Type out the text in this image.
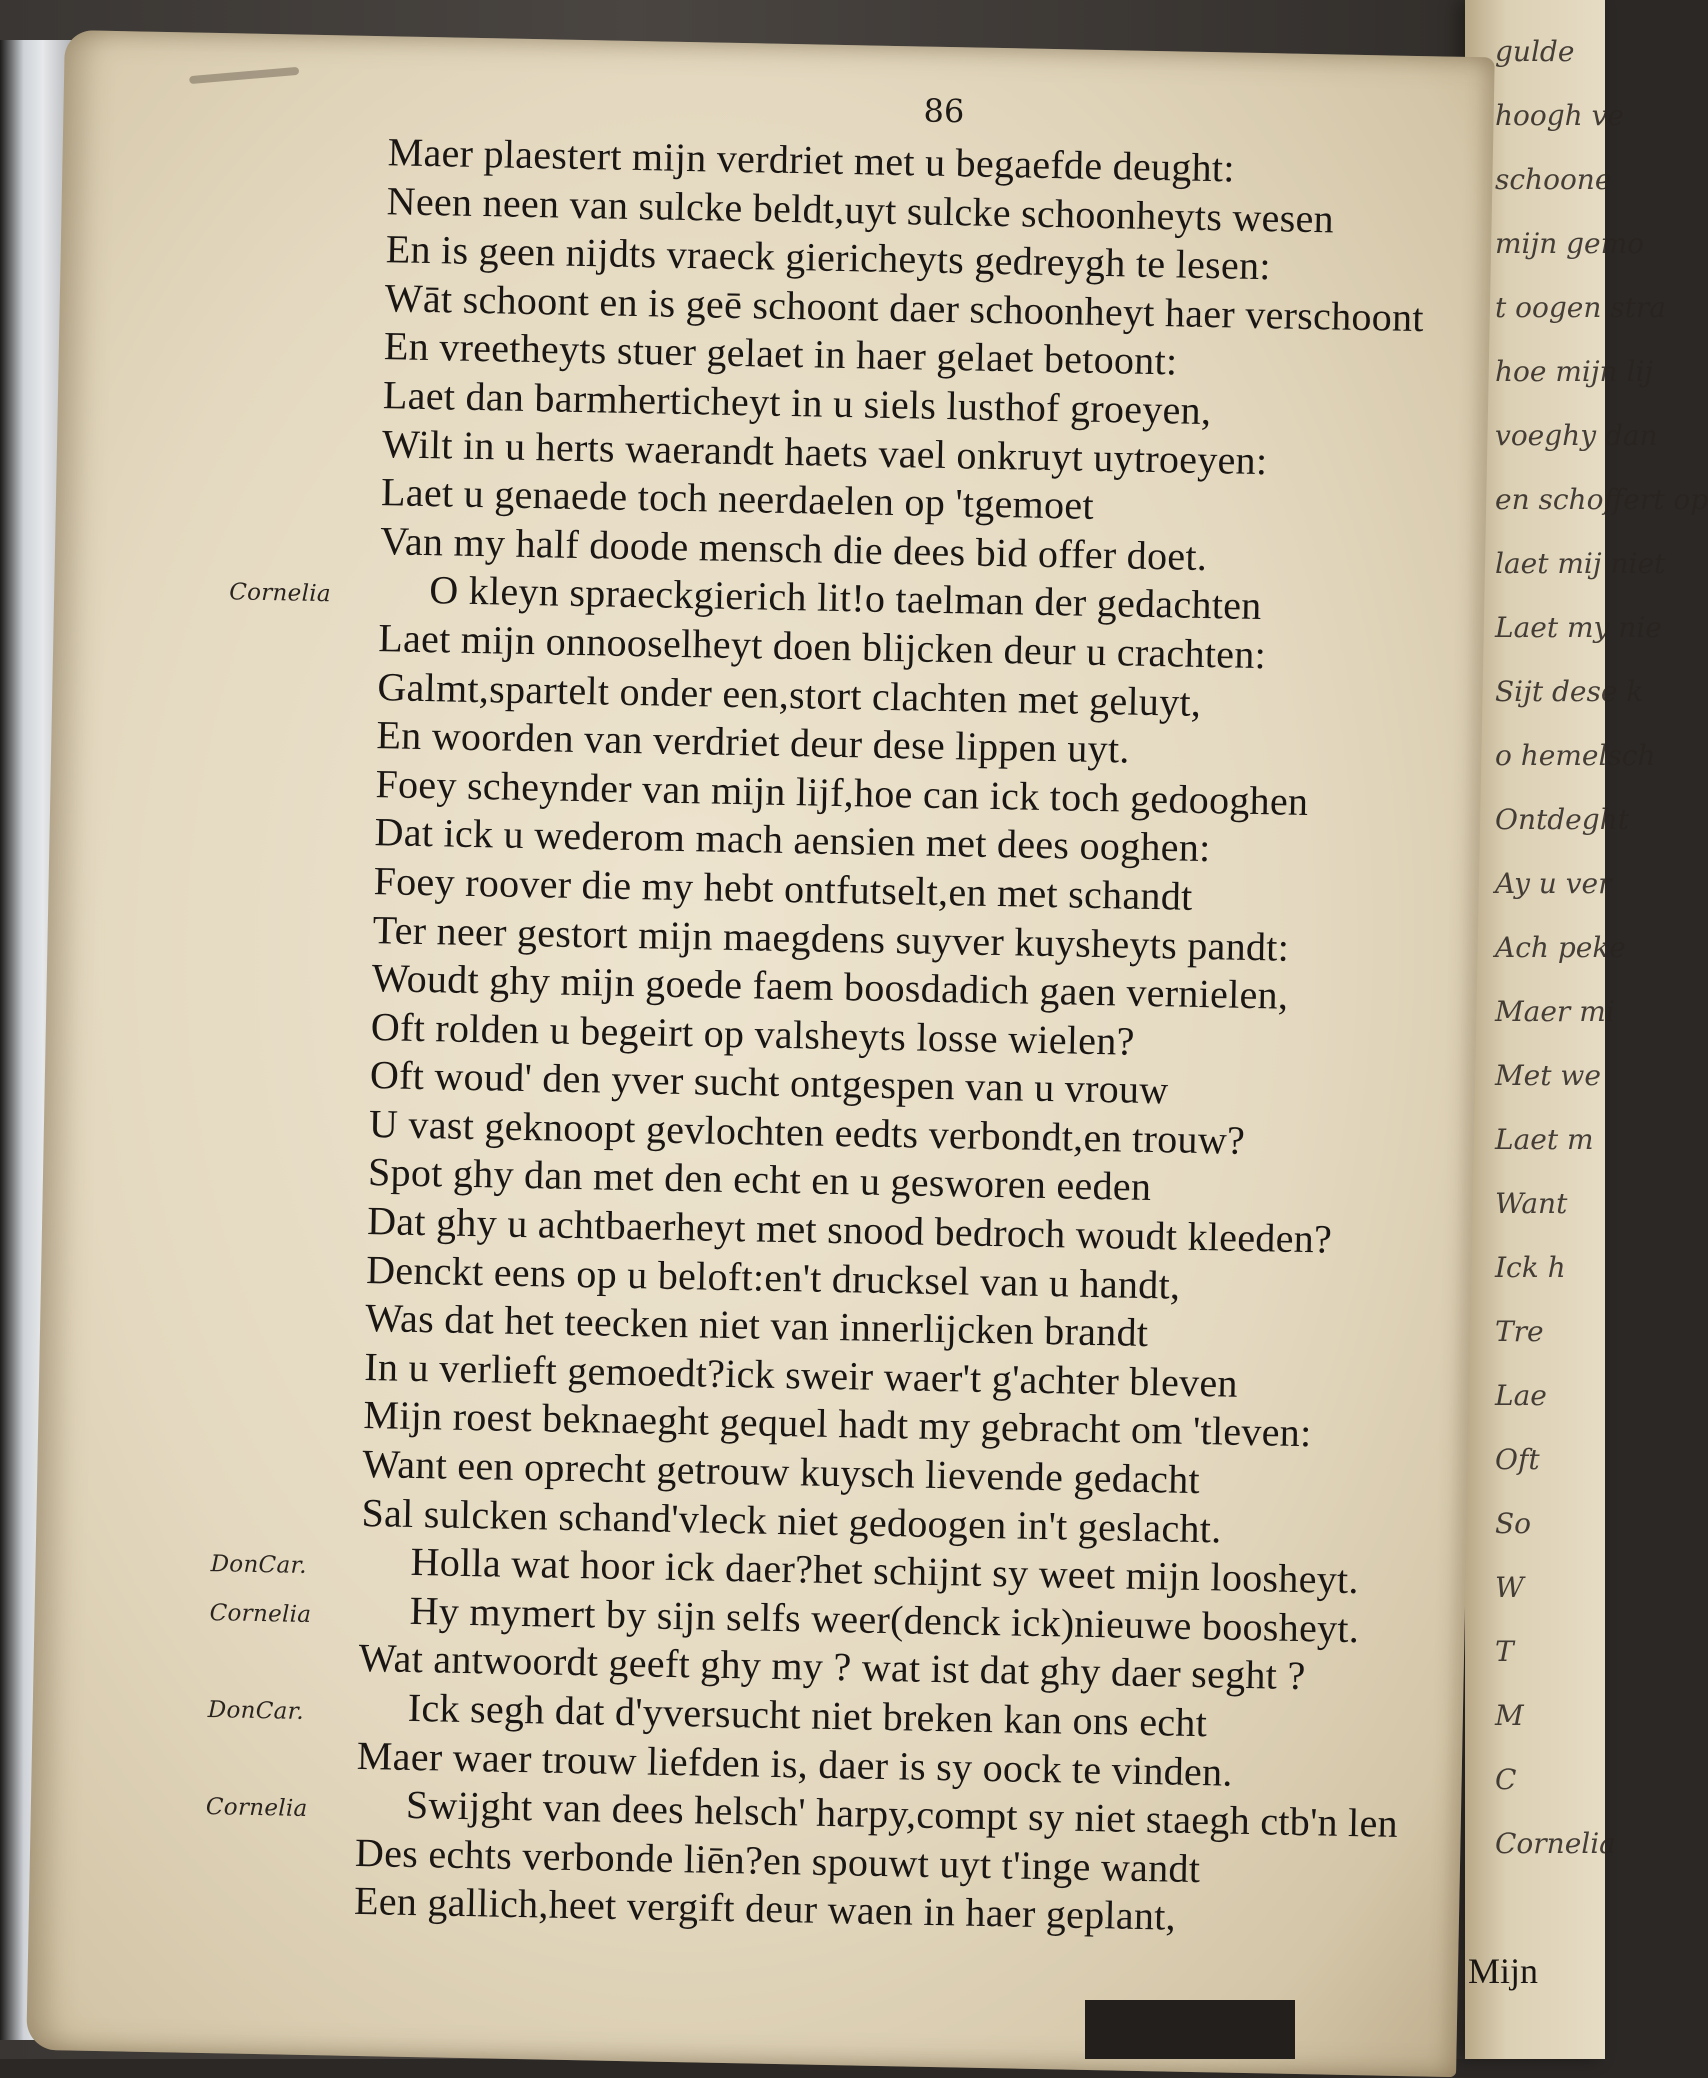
gulde
hoogh ve
schoone
mijn gemo
t oogen stra
hoe mijn lij
voeghy dan
en schoffert op
laet mij niet
Laet my nie
Sijt dese k
o hemelsch
Ontdeght
Ay u ver
Ach peke
Maer mi
Met we
Laet m
Want
Ick h
Tre
Lae
Oft
So
W
T
M
C
Cornelia
86
Maer plaestert mijn verdriet met u begaefde deught:
Neen neen van sulcke beldt,uyt sulcke schoonheyts wesen
En is geen nijdts vraeck giericheyts gedreygh te lesen:
Wāt schoont en is geē schoont daer schoonheyt haer verschoont
En vreetheyts stuer gelaet in haer gelaet betoont:
Laet dan barmherticheyt in u siels lusthof groeyen,
Wilt in u herts waerandt haets vael onkruyt uytroeyen:
Laet u genaede toch neerdaelen op 'tgemoet
Van my half doode mensch die dees bid offer doet.
Cornelia	O kleyn spraeckgierich lit!o taelman der gedachten
Laet mijn onnooselheyt doen blijcken deur u crachten:
Galmt,spartelt onder een,stort clachten met geluyt,
En woorden van verdriet deur dese lippen uyt.
Foey scheynder van mijn lijf,hoe can ick toch gedooghen
Dat ick u wederom mach aensien met dees ooghen:
Foey roover die my hebt ontfutselt,en met schandt
Ter neer gestort mijn maegdens suyver kuysheyts pandt:
Woudt ghy mijn goede faem boosdadich gaen vernielen,
Oft rolden u begeirt op valsheyts losse wielen?
Oft woud' den yver sucht ontgespen van u vrouw
U vast geknoopt gevlochten eedts verbondt,en trouw?
Spot ghy dan met den echt en u gesworen eeden
Dat ghy u achtbaerheyt met snood bedroch woudt kleeden?
Denckt eens op u beloft:en't drucksel van u handt,
Was dat het teecken niet van innerlijcken brandt
In u verlieft gemoedt?ick sweir waer't g'achter bleven
Mijn roest beknaeght gequel hadt my gebracht om 'tleven:
Want een oprecht getrouw kuysch lievende gedacht
Sal sulcken schand'vleck niet gedoogen in't geslacht.
DonCar.	Holla wat hoor ick daer?het schijnt sy weet mijn loosheyt.
Cornelia	Hy mymert by sijn selfs weer(denck ick)nieuwe boosheyt.
Wat antwoordt geeft ghy my ? wat ist dat ghy daer seght ?
DonCar.	Ick segh dat d'yversucht niet breken kan ons echt
Maer waer trouw liefden is, daer is sy oock te vinden.
Cornelia	Swijght van dees helsch' harpy,compt sy niet staegh ctb'n len
Des echts verbonde liēn?en spouwt uyt t'inge wandt
Een gallich,heet vergift deur waen in haer geplant,
Mijn
